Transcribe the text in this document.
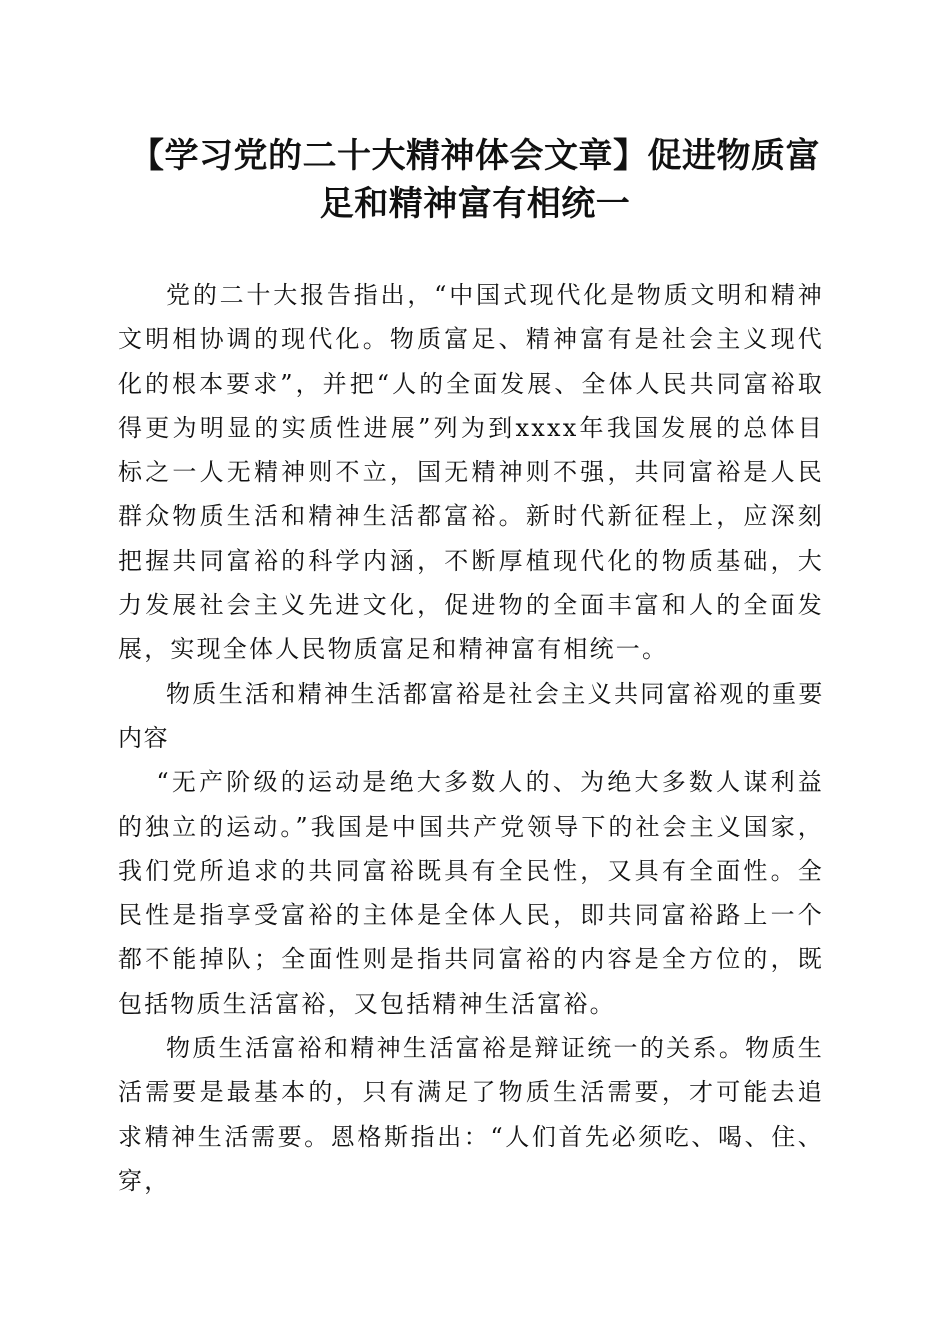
【学习党的二十大精神体会文章】促进物质富
足和精神富有相统一

党的二十大报告指出，“中国式现代化是物质文明和精神文明相协调的现代化。物质富足、精神富有是社会主义现代化的根本要求”，并把“人的全面发展、全体人民共同富裕取得更为明显的实质性进展”列为到xxxx年我国发展的总体目标之一人无精神则不立，国无精神则不强，共同富裕是人民群众物质生活和精神生活都富裕。新时代新征程上，应深刻把握共同富裕的科学内涵，不断厚植现代化的物质基础，大力发展社会主义先进文化，促进物的全面丰富和人的全面发展，实现全体人民物质富足和精神富有相统一。

物质生活和精神生活都富裕是社会主义共同富裕观的重要内容

“无产阶级的运动是绝大多数人的、为绝大多数人谋利益的独立的运动。”我国是中国共产党领导下的社会主义国家，我们党所追求的共同富裕既具有全民性，又具有全面性。全民性是指享受富裕的主体是全体人民，即共同富裕路上一个都不能掉队；全面性则是指共同富裕的内容是全方位的，既包括物质生活富裕，又包括精神生活富裕。

物质生活富裕和精神生活富裕是辩证统一的关系。物质生活需要是最基本的，只有满足了物质生活需要，才可能去追求精神生活需要。恩格斯指出：“人们首先必须吃、喝、住、穿，
